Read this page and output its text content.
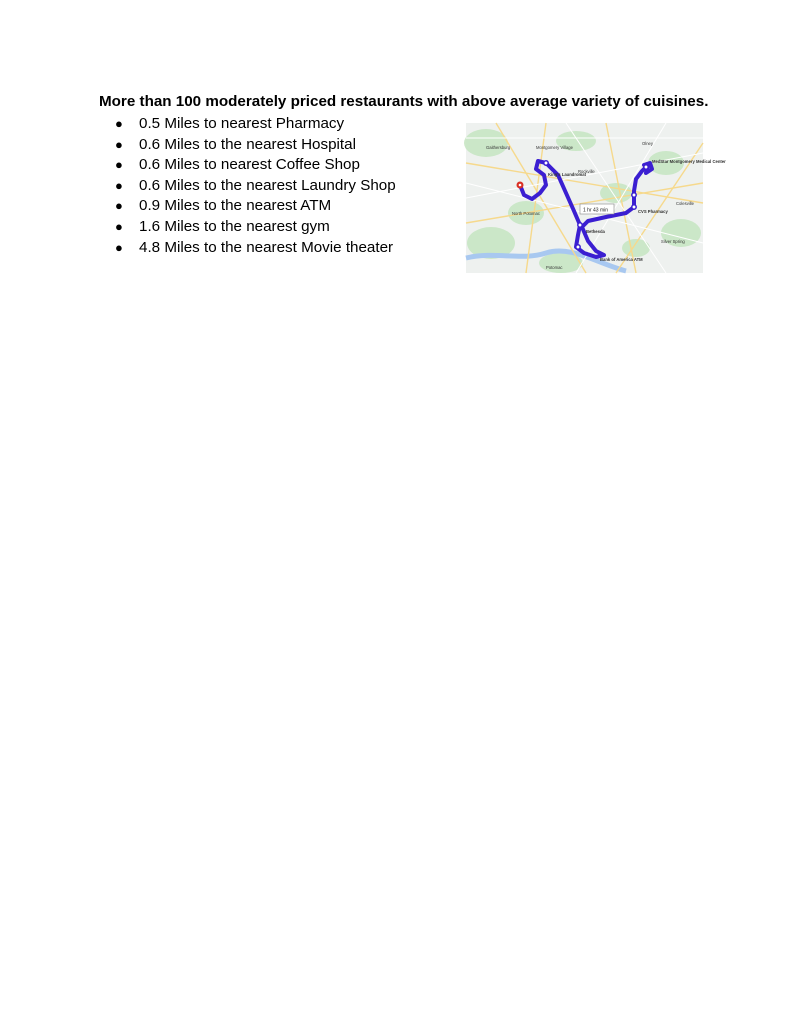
More than 100 moderately priced restaurants with above average variety of cuisines.
●	0.5 Miles to nearest Pharmacy
●	0.6 Miles to the nearest Hospital
●	0.6 Miles to nearest Coffee Shop
●	0.6 Miles to the nearest Laundry Shop
●	0.9 Miles to the nearest ATM
●	1.6 Miles to the nearest gym
●	4.8 Miles to the nearest Movie theater
1 hr 43 min
Gaithersburg	Montgomery Village
King's Laundromat
Rockville
MedStar Montgomery Medical Center
CVS Pharmacy
North Potomac
Potomac
Bank of America ATM
Bethesda
Olney
Colesville
Silver Spring
